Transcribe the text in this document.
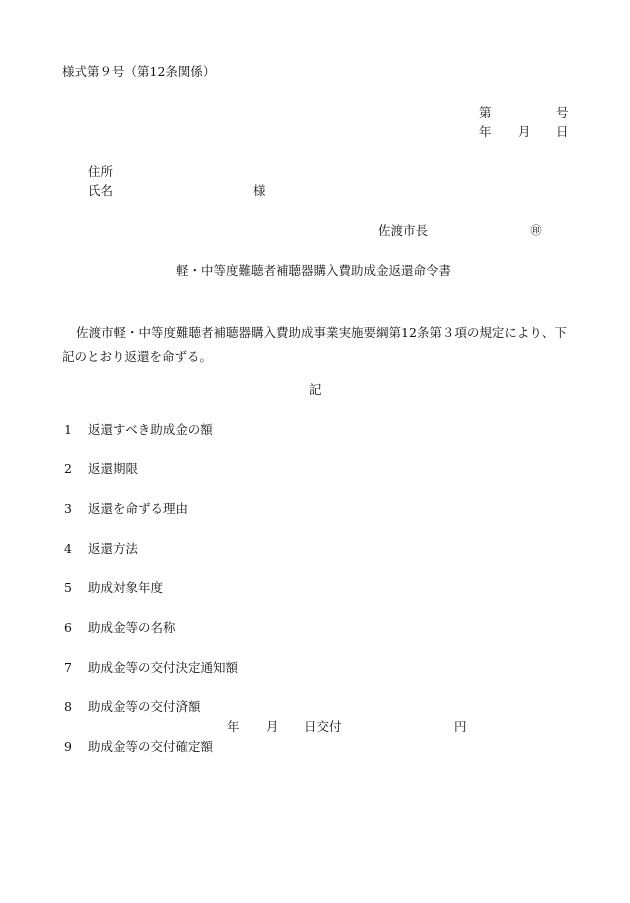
様式第９号（第12条関係）
第	号
年 月 日
住所
氏名	様
佐渡市長	㊞
軽・中等度難聴者補聴器購入費助成金返還命令書
佐渡市軽・中等度難聴者補聴器購入費助成事業実施要綱第12条第３項の規定により、下記のとおり返還を命ずる。
記
1 返還すべき助成金の額
2 返還期限
3 返還を命ずる理由
4 返還方法
5 助成対象年度
6 助成金等の名称
7 助成金等の交付決定通知額
8 助成金等の交付済額
年 月 日交付	円
9 助成金等の交付確定額
